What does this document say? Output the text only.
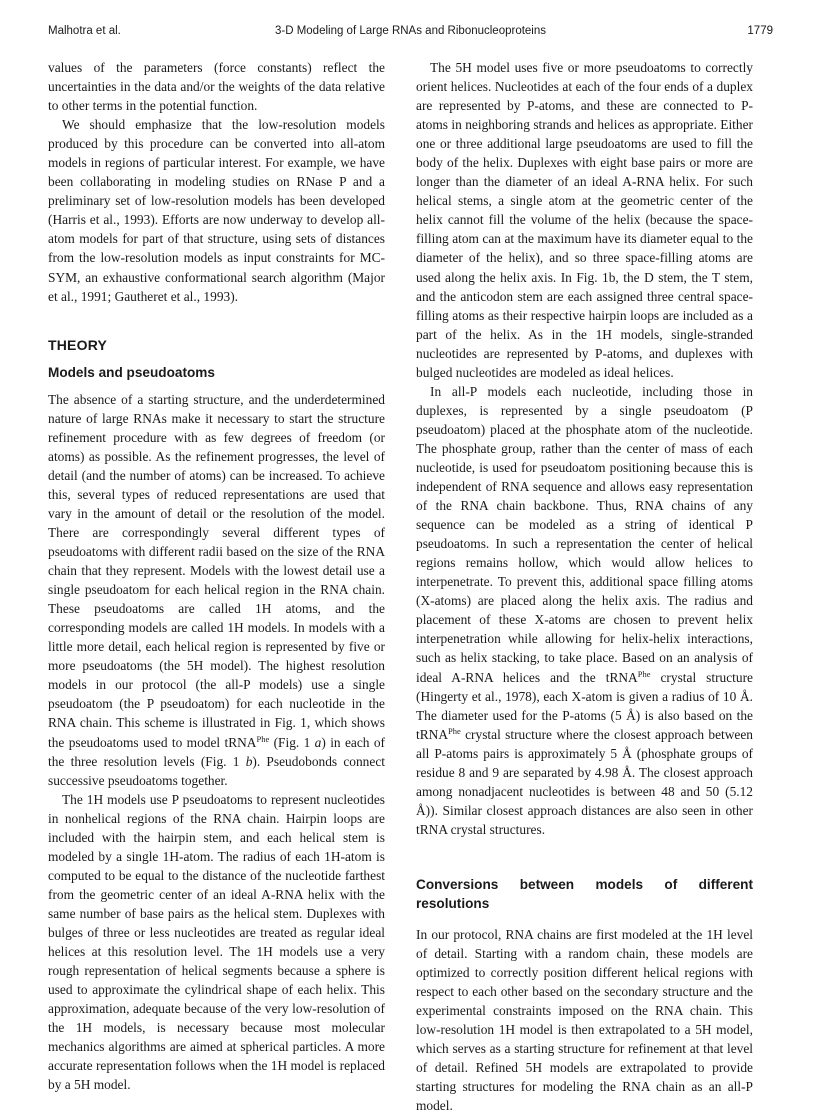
Malhotra et al.	3-D Modeling of Large RNAs and Ribonucleoproteins	1779

values of the parameters (force constants) reflect the uncertainties in the data and/or the weights of the data relative to other terms in the potential function.

We should emphasize that the low-resolution models produced by this procedure can be converted into all-atom models in regions of particular interest. For example, we have been collaborating in modeling studies on RNase P and a preliminary set of low-resolution models has been developed (Harris et al., 1993). Efforts are now underway to develop all-atom models for part of that structure, using sets of distances from the low-resolution models as input constraints for MC-SYM, an exhaustive conformational search algorithm (Major et al., 1991; Gautheret et al., 1993).

THEORY
Models and pseudoatoms

The absence of a starting structure, and the underdetermined nature of large RNAs make it necessary to start the structure refinement procedure with as few degrees of freedom (or atoms) as possible. As the refinement progresses, the level of detail (and the number of atoms) can be increased. To achieve this, several types of reduced representations are used that vary in the amount of detail or the resolution of the model. There are correspondingly several different types of pseudoatoms with different radii based on the size of the RNA chain that they represent. Models with the lowest detail use a single pseudoatom for each helical region in the RNA chain. These pseudoatoms are called 1H atoms, and the corresponding models are called 1H models. In models with a little more detail, each helical region is represented by five or more pseudoatoms (the 5H model). The highest resolution models in our protocol (the all-P models) use a single pseudoatom (the P pseudoatom) for each nucleotide in the RNA chain. This scheme is illustrated in Fig. 1, which shows the pseudoatoms used to model tRNA$^{Phe}$ (Fig. 1 a) in each of the three resolution levels (Fig. 1 b). Pseudobonds connect successive pseudoatoms together.

The 1H models use P pseudoatoms to represent nucleotides in nonhelical regions of the RNA chain. Hairpin loops are included with the hairpin stem, and each helical stem is modeled by a single 1H-atom. The radius of each 1H-atom is computed to be equal to the distance of the nucleotide farthest from the geometric center of an ideal A-RNA helix with the same number of base pairs as the helical stem. Duplexes with bulges of three or less nucleotides are treated as regular ideal helices at this resolution level. The 1H models use a very rough representation of helical segments because a sphere is used to approximate the cylindrical shape of each helix. This approximation, adequate because of the very low-resolution of the 1H models, is necessary because most molecular mechanics algorithms are aimed at spherical particles. A more accurate representation follows when the 1H model is replaced by a 5H model.

The 5H model uses five or more pseudoatoms to correctly orient helices. Nucleotides at each of the four ends of a duplex are represented by P-atoms, and these are connected to P-atoms in neighboring strands and helices as appropriate. Either one or three additional large pseudoatoms are used to fill the body of the helix. Duplexes with eight base pairs or more are longer than the diameter of an ideal A-RNA helix. For such helical stems, a single atom at the geometric center of the helix cannot fill the volume of the helix (because the space-filling atom can at the maximum have its diameter equal to the diameter of the helix), and so three space-filling atoms are used along the helix axis. In Fig. 1b, the D stem, the T stem, and the anticodon stem are each assigned three central space-filling atoms as their respective hairpin loops are included as a part of the helix. As in the 1H models, single-stranded nucleotides are represented by P-atoms, and duplexes with bulged nucleotides are modeled as ideal helices.

In all-P models each nucleotide, including those in duplexes, is represented by a single pseudoatom (P pseudoatom) placed at the phosphate atom of the nucleotide. The phosphate group, rather than the center of mass of each nucleotide, is used for pseudoatom positioning because this is independent of RNA sequence and allows easy representation of the RNA chain backbone. Thus, RNA chains of any sequence can be modeled as a string of identical P pseudoatoms. In such a representation the center of helical regions remains hollow, which would allow helices to interpenetrate. To prevent this, additional space filling atoms (X-atoms) are placed along the helix axis. The radius and placement of these X-atoms are chosen to prevent helix interpenetration while allowing for helix-helix interactions, such as helix stacking, to take place. Based on an analysis of ideal A-RNA helices and the tRNA$^{Phe}$ crystal structure (Hingerty et al., 1978), each X-atom is given a radius of 10 Å. The diameter used for the P-atoms (5 Å) is also based on the tRNA$^{Phe}$ crystal structure where the closest approach between all P-atoms pairs is approximately 5 Å (phosphate groups of residue 8 and 9 are separated by 4.98 Å. The closest approach among nonadjacent nucleotides is between 48 and 50 (5.12 Å)). Similar closest approach distances are also seen in other tRNA crystal structures.

Conversions between models of different resolutions

In our protocol, RNA chains are first modeled at the 1H level of detail. Starting with a random chain, these models are optimized to correctly position different helical regions with respect to each other based on the secondary structure and the experimental constraints imposed on the RNA chain. This low-resolution 1H model is then extrapolated to a 5H model, which serves as a starting structure for refinement at that level of detail. Refined 5H models are extrapolated to provide starting structures for modeling the RNA chain as an all-P model.
